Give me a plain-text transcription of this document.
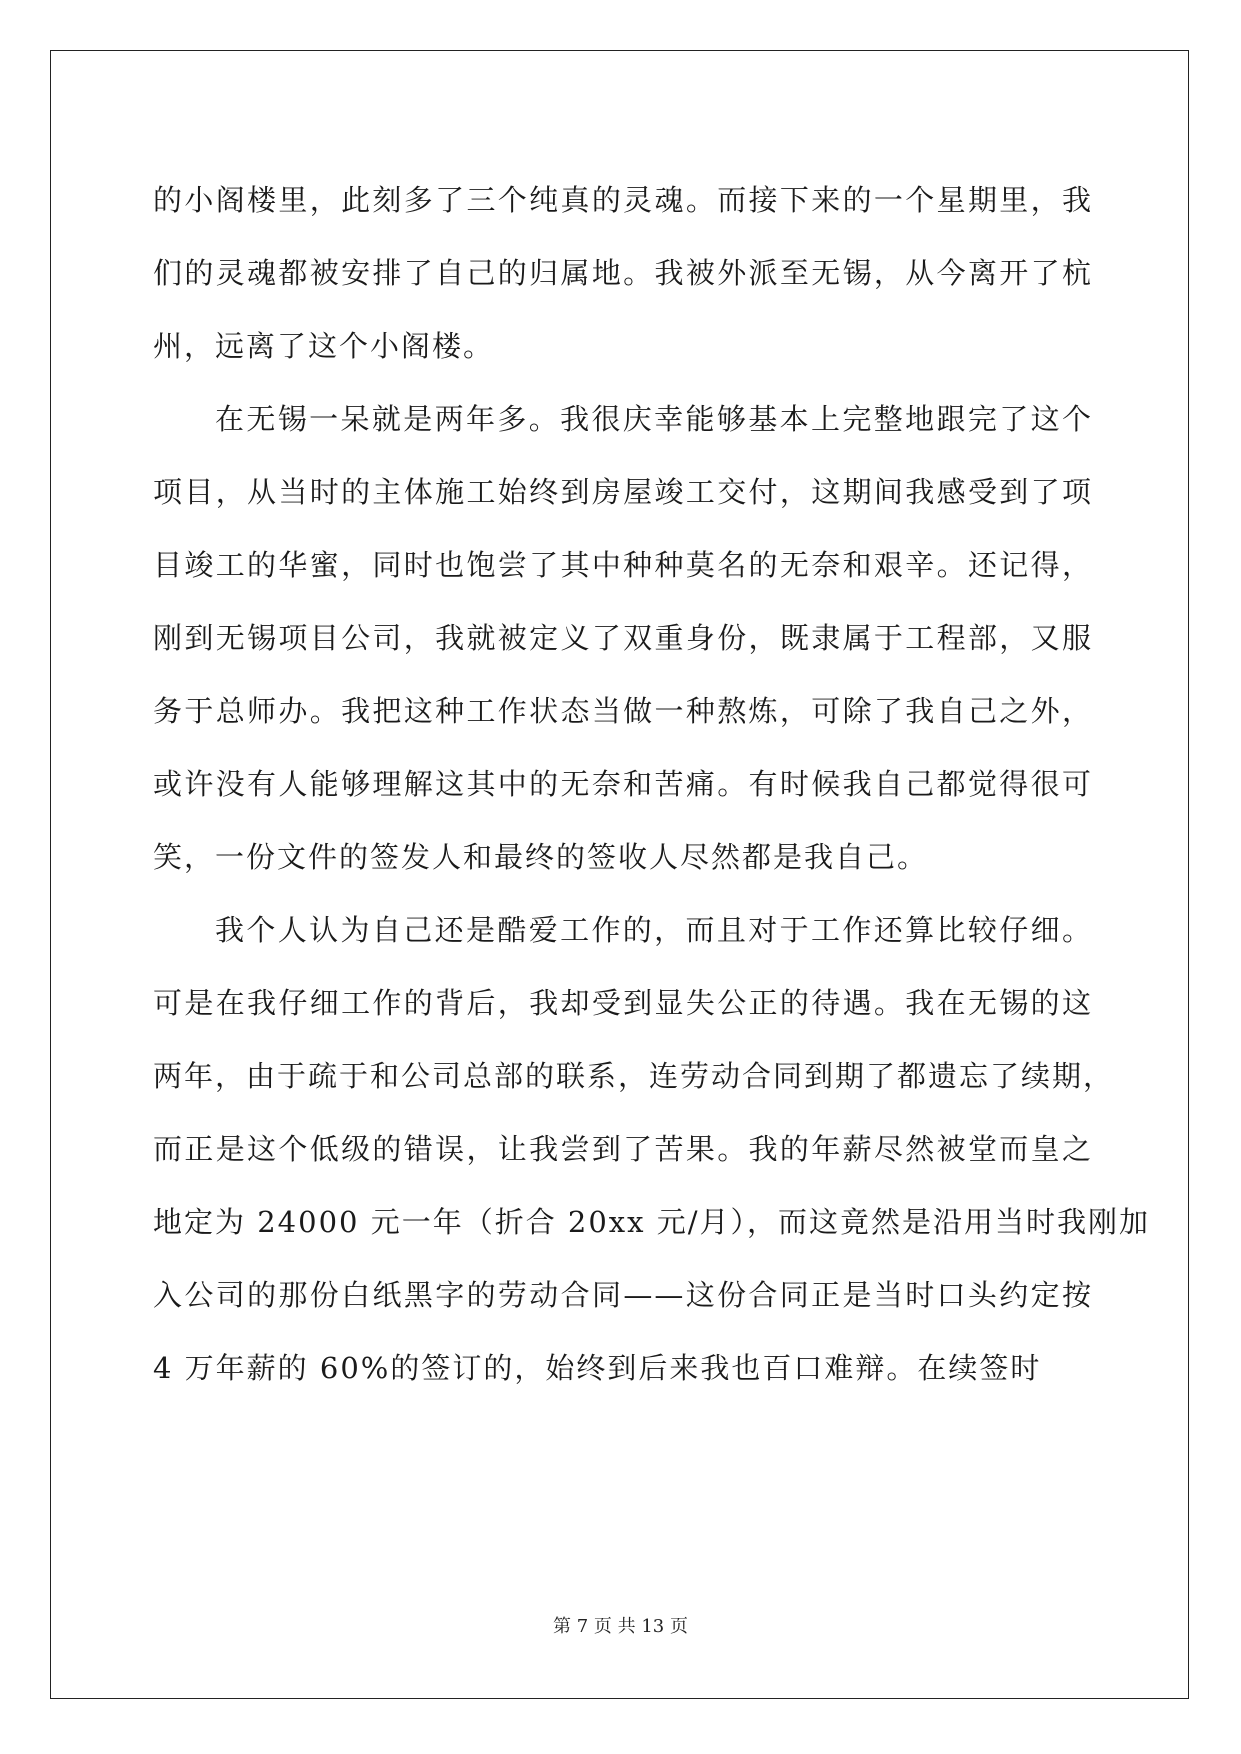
的小阁楼里，此刻多了三个纯真的灵魂。而接下来的一个星期里，我
们的灵魂都被安排了自己的归属地。我被外派至无锡，从今离开了杭
州，远离了这个小阁楼。
在无锡一呆就是两年多。我很庆幸能够基本上完整地跟完了这个
项目，从当时的主体施工始终到房屋竣工交付，这期间我感受到了项
目竣工的华蜜，同时也饱尝了其中种种莫名的无奈和艰辛。还记得，
刚到无锡项目公司，我就被定义了双重身份，既隶属于工程部，又服
务于总师办。我把这种工作状态当做一种熬炼，可除了我自己之外，
或许没有人能够理解这其中的无奈和苦痛。有时候我自己都觉得很可
笑，一份文件的签发人和最终的签收人尽然都是我自己。
我个人认为自己还是酷爱工作的，而且对于工作还算比较仔细。
可是在我仔细工作的背后，我却受到显失公正的待遇。我在无锡的这
两年，由于疏于和公司总部的联系，连劳动合同到期了都遗忘了续期，
而正是这个低级的错误，让我尝到了苦果。我的年薪尽然被堂而皇之
地定为 24000 元一年（折合 20xx 元/月），而这竟然是沿用当时我刚加
入公司的那份白纸黑字的劳动合同——这份合同正是当时口头约定按
4 万年薪的 60%的签订的，始终到后来我也百口难辩。在续签时
第 7 页 共 13 页
